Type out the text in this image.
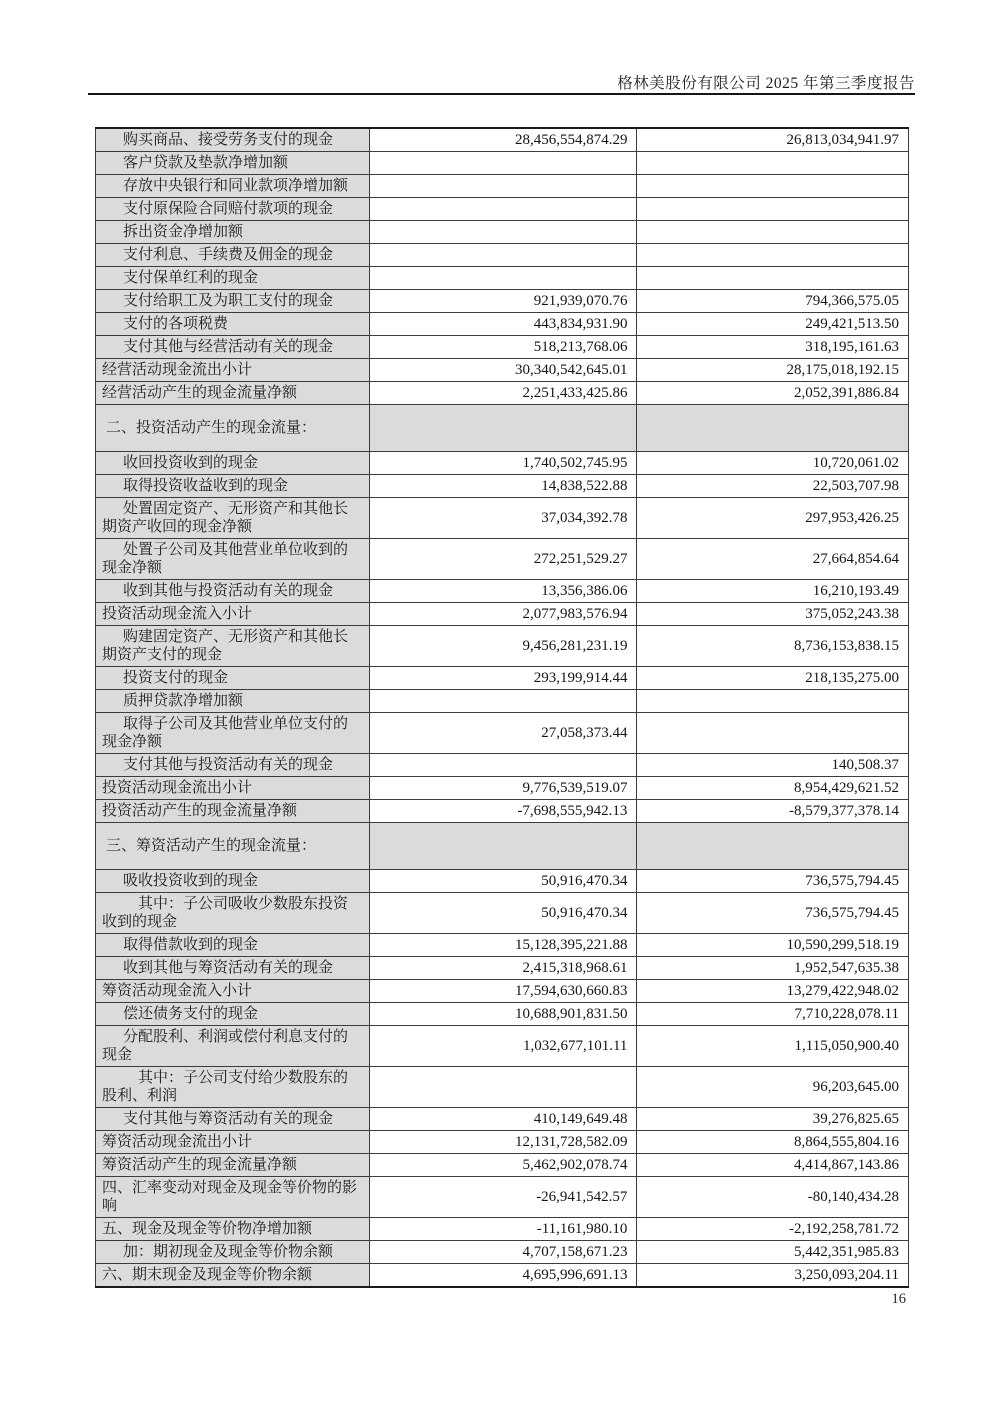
格林美股份有限公司 2025 年第三季度报告
购买商品、接受劳务支付的现金	28,456,554,874.29	26,813,034,941.97
客户贷款及垫款净增加额		
存放中央银行和同业款项净增加额		
支付原保险合同赔付款项的现金		
拆出资金净增加额		
支付利息、手续费及佣金的现金		
支付保单红利的现金		
支付给职工及为职工支付的现金	921,939,070.76	794,366,575.05
支付的各项税费	443,834,931.90	249,421,513.50
支付其他与经营活动有关的现金	518,213,768.06	318,195,161.63
经营活动现金流出小计	30,340,542,645.01	28,175,018,192.15
经营活动产生的现金流量净额	2,251,433,425.86	2,052,391,886.84
二、投资活动产生的现金流量：		
收回投资收到的现金	1,740,502,745.95	10,720,061.02
取得投资收益收到的现金	14,838,522.88	22,503,707.98
处置固定资产、无形资产和其他长期资产收回的现金净额	37,034,392.78	297,953,426.25
处置子公司及其他营业单位收到的现金净额	272,251,529.27	27,664,854.64
收到其他与投资活动有关的现金	13,356,386.06	16,210,193.49
投资活动现金流入小计	2,077,983,576.94	375,052,243.38
购建固定资产、无形资产和其他长期资产支付的现金	9,456,281,231.19	8,736,153,838.15
投资支付的现金	293,199,914.44	218,135,275.00
质押贷款净增加额		
取得子公司及其他营业单位支付的现金净额	27,058,373.44	
支付其他与投资活动有关的现金		140,508.37
投资活动现金流出小计	9,776,539,519.07	8,954,429,621.52
投资活动产生的现金流量净额	-7,698,555,942.13	-8,579,377,378.14
三、筹资活动产生的现金流量：		
吸收投资收到的现金	50,916,470.34	736,575,794.45
其中：子公司吸收少数股东投资收到的现金	50,916,470.34	736,575,794.45
取得借款收到的现金	15,128,395,221.88	10,590,299,518.19
收到其他与筹资活动有关的现金	2,415,318,968.61	1,952,547,635.38
筹资活动现金流入小计	17,594,630,660.83	13,279,422,948.02
偿还债务支付的现金	10,688,901,831.50	7,710,228,078.11
分配股利、利润或偿付利息支付的现金	1,032,677,101.11	1,115,050,900.40
其中：子公司支付给少数股东的股利、利润		96,203,645.00
支付其他与筹资活动有关的现金	410,149,649.48	39,276,825.65
筹资活动现金流出小计	12,131,728,582.09	8,864,555,804.16
筹资活动产生的现金流量净额	5,462,902,078.74	4,414,867,143.86
四、汇率变动对现金及现金等价物的影响	-26,941,542.57	-80,140,434.28
五、现金及现金等价物净增加额	-11,161,980.10	-2,192,258,781.72
加：期初现金及现金等价物余额	4,707,158,671.23	5,442,351,985.83
六、期末现金及现金等价物余额	4,695,996,691.13	3,250,093,204.11
16
